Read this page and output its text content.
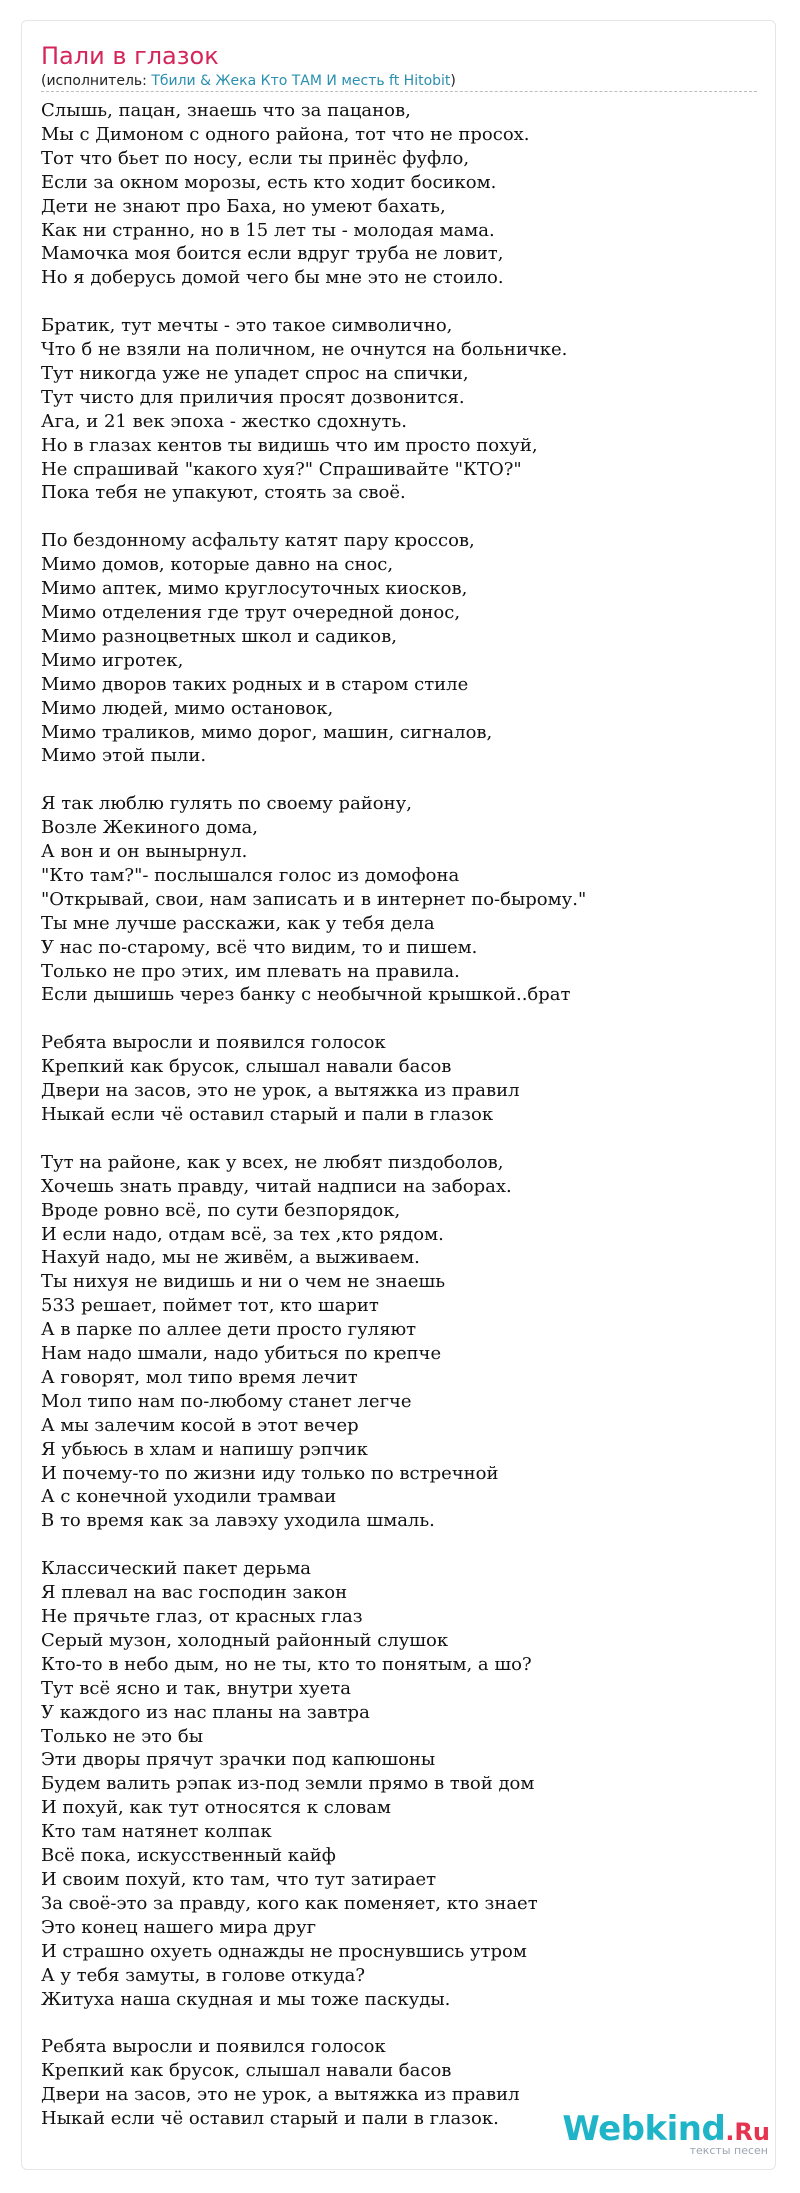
Пали в глазок
(исполнитель: Тбили & Жека Кто ТАМ И месть ft Hitobit)
Слышь, пацан, знаешь что за пацанов,
Мы с Димоном с одного района, тот что не просох.
Тот что бьет по носу, если ты принёс фуфло,
Если за окном морозы, есть кто ходит босиком.
Дети не знают про Баха, но умеют бахать,
Как ни странно, но в 15 лет ты - молодая мама.
Мамочка моя боится если вдруг труба не ловит,
Но я доберусь домой чего бы мне это не стоило.
Братик, тут мечты - это такое символично,
Что б не взяли на поличном, не очнутся на больничке.
Тут никогда уже не упадет спрос на спички,
Тут чисто для приличия просят дозвонится.
Ага, и 21 век эпоха - жестко сдохнуть.
Но в глазах кентов ты видишь что им просто похуй,
Не спрашивай "какого хуя?" Спрашивайте "КТО?"
Пока тебя не упакуют, стоять за своё.
По бездонному асфальту катят пару кроссов,
Мимо домов, которые давно на снос,
Мимо аптек, мимо круглосуточных киосков,
Мимо отделения где трут очередной донос,
Мимо разноцветных школ и садиков,
Мимо игротек,
Мимо дворов таких родных и в старом стиле
Мимо людей, мимо остановок,
Мимо траликов, мимо дорог, машин, сигналов,
Мимо этой пыли.
Я так люблю гулять по своему району,
Возле Жекиного дома,
А вон и он вынырнул.
"Кто там?"- послышался голос из домофона
"Открывай, свои, нам записать и в интернет по-бырому."
Ты мне лучше расскажи, как у тебя дела
У нас по-старому, всё что видим, то и пишем.
Только не про этих, им плевать на правила.
Если дышишь через банку с необычной крышкой..брат
Ребята выросли и появился голосок
Крепкий как брусок, слышал навали басов
Двери на засов, это не урок, а вытяжка из правил
Ныкай если чё оставил старый и пали в глазок
Тут на районе, как у всех, не любят пиздоболов,
Хочешь знать правду, читай надписи на заборах.
Вроде ровно всё, по сути безпорядок,
И если надо, отдам всё, за тех ,кто рядом.
Нахуй надо, мы не живём, а выживаем.
Ты нихуя не видишь и ни о чем не знаешь
533 решает, поймет тот, кто шарит
А в парке по аллее дети просто гуляют
Нам надо шмали, надо убиться по крепче
А говорят, мол типо время лечит
Мол типо нам по-любому станет легче
А мы залечим косой в этот вечер
Я убьюсь в хлам и напишу рэпчик
И почему-то по жизни иду только по встречной
А с конечной уходили трамваи
В то время как за лавэху уходила шмаль.
Классический пакет дерьма
Я плевал на вас господин закон
Не прячьте глаз, от красных глаз
Серый музон, холодный районный слушок
Кто-то в небо дым, но не ты, кто то понятым, а шо?
Тут всё ясно и так, внутри хуета
У каждого из нас планы на завтра
Только не это бы
Эти дворы прячут зрачки под капюшоны
Будем валить рэпак из-под земли прямо в твой дом
И похуй, как тут относятся к словам
Кто там натянет колпак
Всё пока, искусственный кайф
И своим похуй, кто там, что тут затирает
За своё-это за правду, кого как поменяет, кто знает
Это конец нашего мира друг
И страшно охуеть однажды не проснувшись утром
А у тебя замуты, в голове откуда?
Житуха наша скудная и мы тоже паскуды.
Ребята выросли и появился голосок
Крепкий как брусок, слышал навали басов
Двери на засов, это не урок, а вытяжка из правил
Ныкай если чё оставил старый и пали в глазок.	Webkind.Ru
тексты песен
